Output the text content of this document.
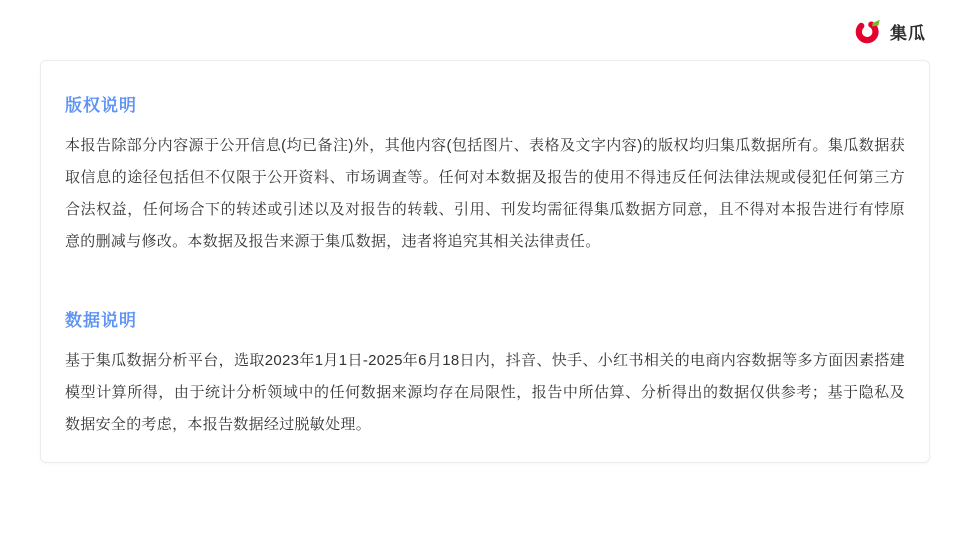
集瓜
版权说明
本报告除部分内容源于公开信息(均已备注)外，其他内容(包括图片、表格及文字内容)的版权均归集瓜数据所有。集瓜数据获取信息的途径包括但不仅限于公开资料、市场调查等。任何对本数据及报告的使用不得违反任何法律法规或侵犯任何第三方合法权益，任何场合下的转述或引述以及对报告的转载、引用、刊发均需征得集瓜数据方同意，且不得对本报告进行有悖原意的删减与修改。本数据及报告来源于集瓜数据，违者将追究其相关法律责任。
数据说明
基于集瓜数据分析平台，选取2023年1月1日-2025年6月18日内，抖音、快手、小红书相关的电商内容数据等多方面因素搭建模型计算所得，由于统计分析领域中的任何数据来源均存在局限性，报告中所估算、分析得出的数据仅供参考；基于隐私及数据安全的考虑，本报告数据经过脱敏处理。
